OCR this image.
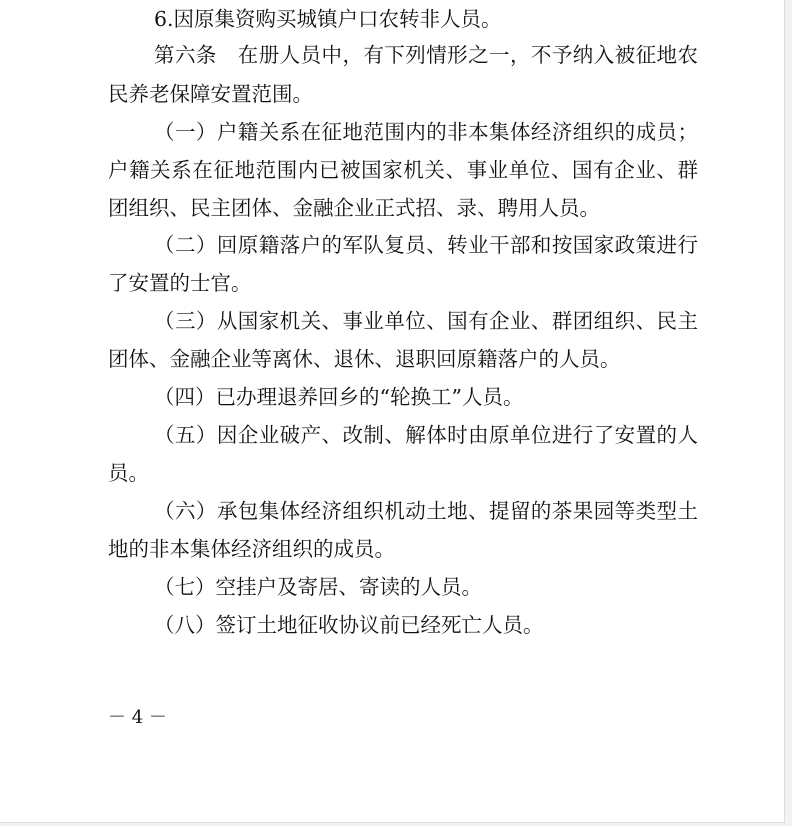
6.因原集资购买城镇户口农转非人员。
第六条　在册人员中，有下列情形之一，不予纳入被征地农
民养老保障安置范围。
（一）户籍关系在征地范围内的非本集体经济组织的成员；
户籍关系在征地范围内已被国家机关、事业单位、国有企业、群
团组织、民主团体、金融企业正式招、录、聘用人员。
（二）回原籍落户的军队复员、转业干部和按国家政策进行
了安置的士官。
（三）从国家机关、事业单位、国有企业、群团组织、民主
团体、金融企业等离休、退休、退职回原籍落户的人员。
（四）已办理退养回乡的“轮换工”人员。
（五）因企业破产、改制、解体时由原单位进行了安置的人
员。
（六）承包集体经济组织机动土地、提留的茶果园等类型土
地的非本集体经济组织的成员。
（七）空挂户及寄居、寄读的人员。
（八）签订土地征收协议前已经死亡人员。
－ 4 －
